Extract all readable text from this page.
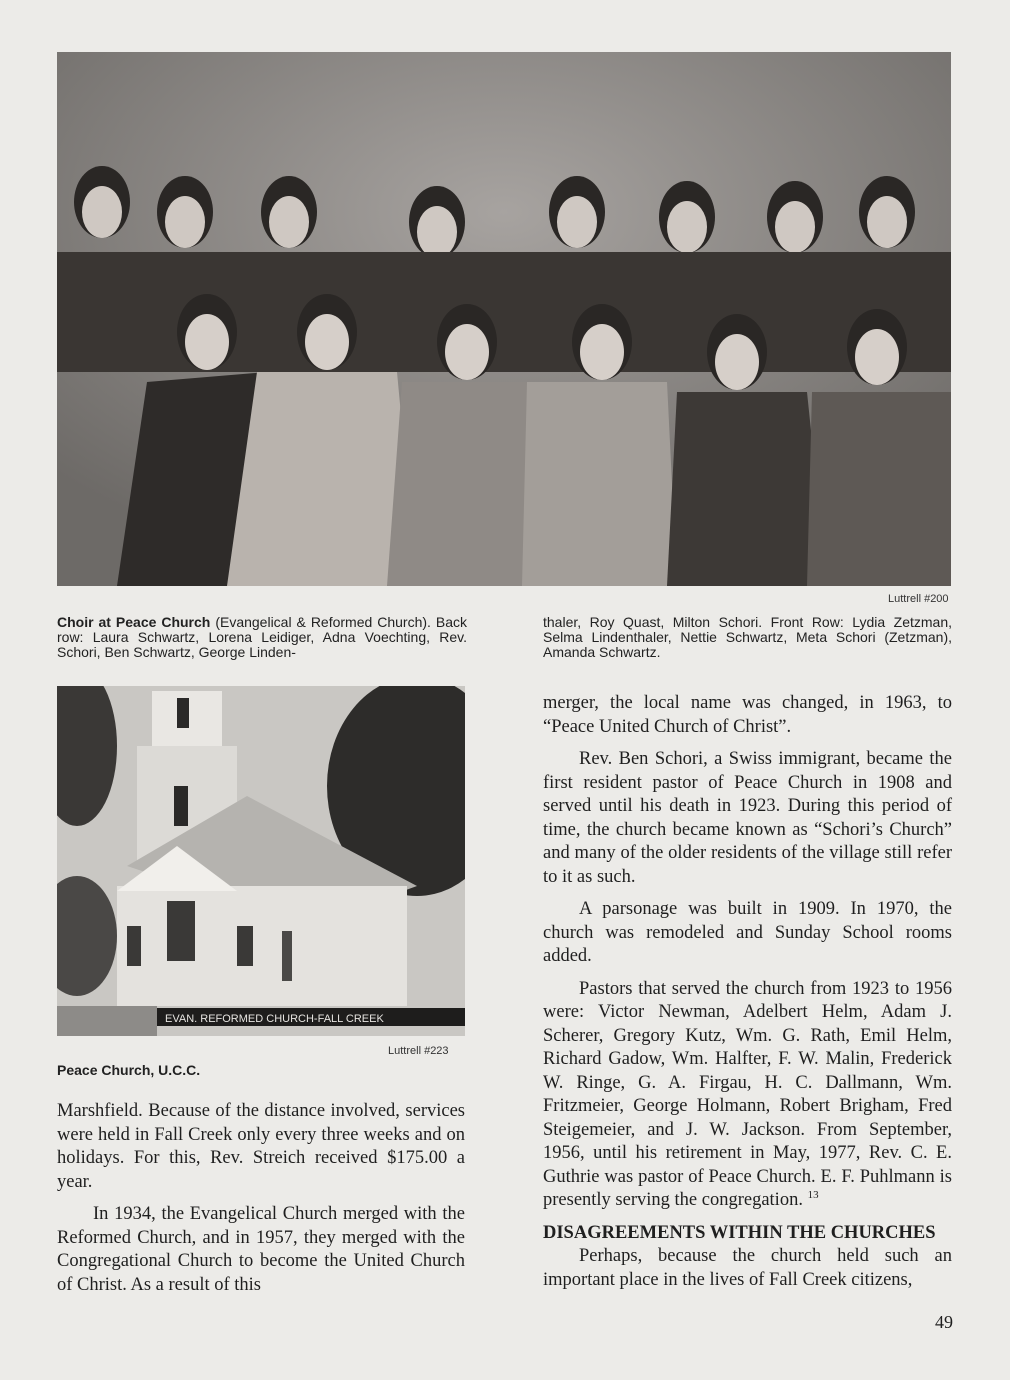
Luttrell #200
Choir at Peace Church (Evangelical & Reformed Church). Back row: Laura Schwartz, Lorena Leidiger, Adna Voechting, Rev. Schori, Ben Schwartz, George Linden-
thaler, Roy Quast, Milton Schori. Front Row: Lydia Zetzman, Selma Lindenthaler, Nettie Schwartz, Meta Schori (Zetzman), Amanda Schwartz.
EVAN. REFORMED CHURCH-FALL CREEK
Luttrell #223
Peace Church, U.C.C.

Marshfield. Because of the distance involved, services were held in Fall Creek only every three weeks and on holidays. For this, Rev. Streich received $175.00 a year.

In 1934, the Evangelical Church merged with the Reformed Church, and in 1957, they merged with the Congregational Church to become the United Church of Christ. As a result of this

merger, the local name was changed, in 1963, to “Peace United Church of Christ”.

Rev. Ben Schori, a Swiss immigrant, became the first resident pastor of Peace Church in 1908 and served until his death in 1923. During this period of time, the church became known as “Schori’s Church” and many of the older residents of the village still refer to it as such.

A parsonage was built in 1909. In 1970, the church was remodeled and Sunday School rooms added.

Pastors that served the church from 1923 to 1956 were: Victor Newman, Adelbert Helm, Adam J. Scherer, Gregory Kutz, Wm. G. Rath, Emil Helm, Richard Gadow, Wm. Halfter, F. W. Malin, Frederick W. Ringe, G. A. Firgau, H. C. Dallmann, Wm. Fritzmeier, George Holmann, Robert Brigham, Fred Steigemeier, and J. W. Jackson. From September, 1956, until his retirement in May, 1977, Rev. C. E. Guthrie was pastor of Peace Church. E. F. Puhlmann is presently serving the congregation. $^{13}$

DISAGREEMENTS WITHIN THE CHURCHES

Perhaps, because the church held such an important place in the lives of Fall Creek citizens,

49
